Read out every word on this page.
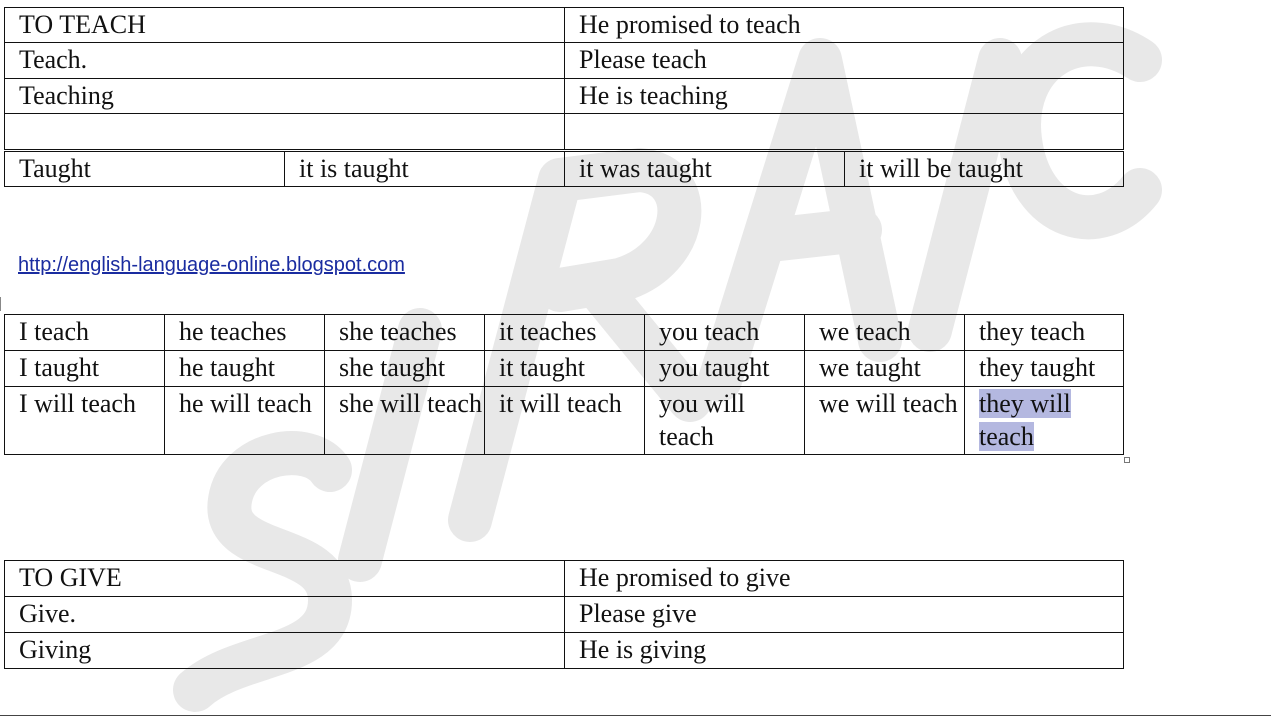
TO TEACH		He promised to teach	
Teach.		Please teach	
Teaching		He is teaching	

Taught	it is taught	it was taught	it will be taught
http://english-language-online.blogspot.com
I teach	he teaches	she teaches	it teaches	you teach	we teach	they teach
I taught	he taught	she taught	it taught	you taught	we taught	they taught
I will teach	he will teach	she will teach	it will teach	you will teach	we will teach	they will teach
TO GIVE	He promised to give
Give.	Please give
Giving	He is giving
